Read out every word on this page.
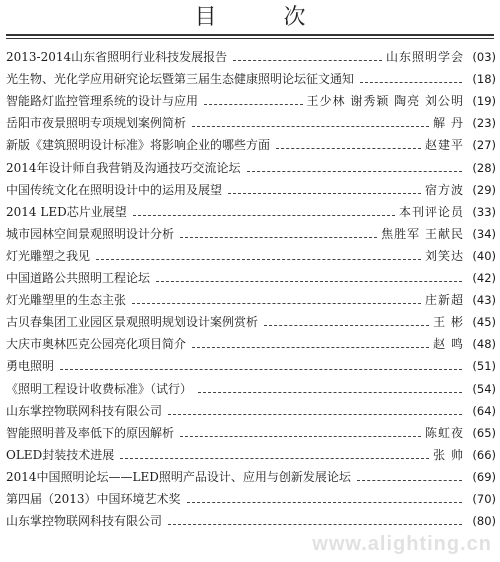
目 次
2013-2014山东省照明行业科技发展报告	山东照明学会 (03)
光生物、光化学应用研究论坛暨第三届生态健康照明论坛征文通知	(18)
智能路灯监控管理系统的设计与应用	王少林 谢秀颖 陶亮 刘公明 (19)
岳阳市夜景照明专项规划案例简析	解 丹 (23)
新版《建筑照明设计标准》将影响企业的哪些方面	赵建平 (27)
2014年设计师自我营销及沟通技巧交流论坛	(28)
中国传统文化在照明设计中的运用及展望	宿方波 (29)
2014 LED芯片业展望	本刊评论员 (33)
城市园林空间景观照明设计分析	焦胜军 王献民 (34)
灯光雕塑之我见	刘笑达 (40)
中国道路公共照明工程论坛	(42)
灯光雕塑里的生态主张	庄新超 (43)
古贝春集团工业园区景观照明规划设计案例赏析	王 彬 (45)
大庆市奥林匹克公园亮化项目简介	赵 鸣 (48)
勇电照明	(51)
《照明工程设计收费标准》（试行）	(54)
山东掌控物联网科技有限公司	(64)
智能照明普及率低下的原因解析	陈虹夜 (65)
OLED封装技术进展	张 帅 (66)
2014中国照明论坛——LED照明产品设计、应用与创新发展论坛	(69)
第四届（2013）中国环境艺术奖	(70)
山东掌控物联网科技有限公司	(80)
www.alighting.cn
